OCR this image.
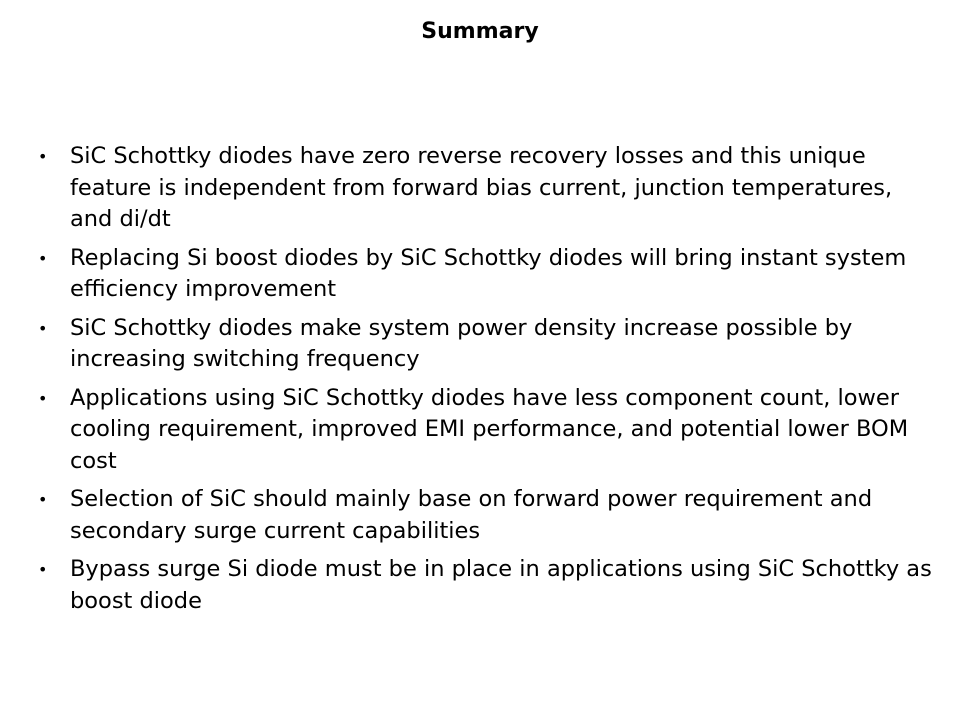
Summary
•	SiC Schottky diodes have zero reverse recovery losses and this unique feature is independent from forward bias current, junction temperatures, and di/dt
•	Replacing Si boost diodes by SiC Schottky diodes will bring instant system efficiency improvement
•	SiC Schottky diodes make system power density increase possible by increasing switching frequency
•	Applications using SiC Schottky diodes have less component count, lower cooling requirement, improved EMI performance, and potential lower BOM cost
•	Selection of SiC should mainly base on forward power requirement and secondary surge current capabilities
•	Bypass surge Si diode must be in place in applications using SiC Schottky as boost diode
